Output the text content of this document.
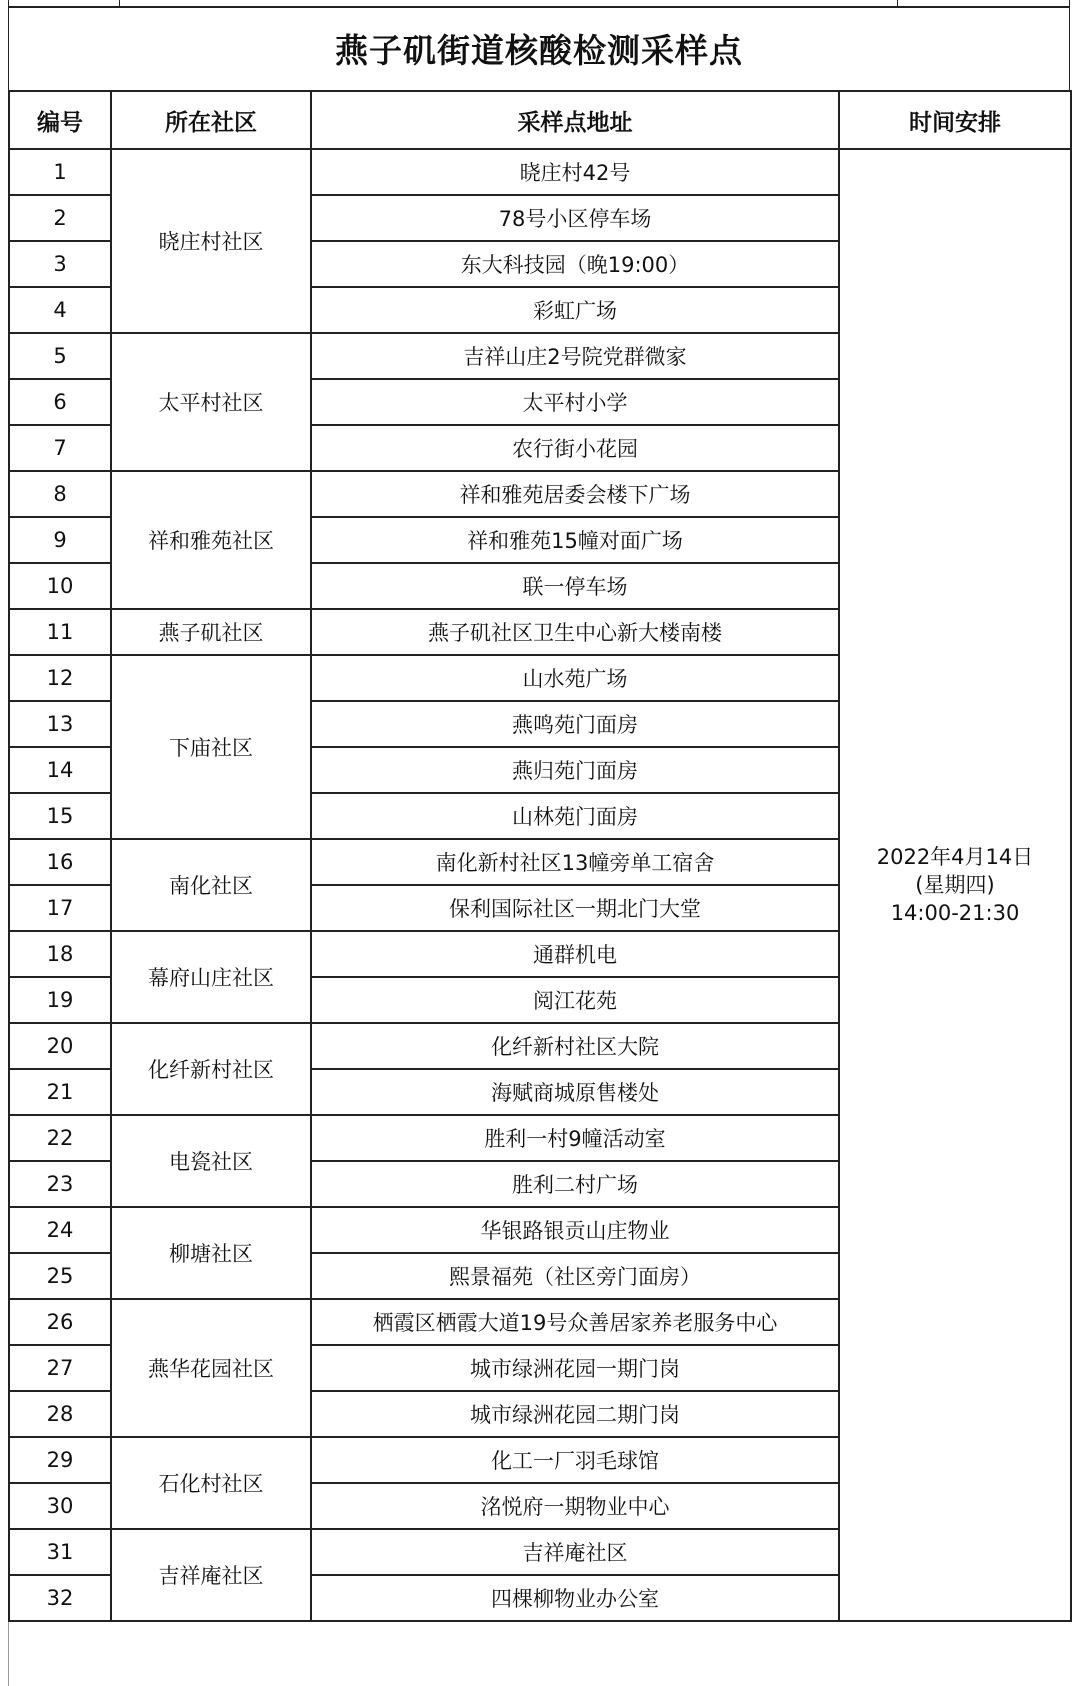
燕子矶街道核酸检测采样点
编号	所在社区	采样点地址	时间安排
1	晓庄村社区	晓庄村42号	2022年4月14日
(星期四)
14:00-21:30

2		78号小区停车场	
3		东大科技园（晚19:00）	
4		彩虹广场	
5	太平村社区	吉祥山庄2号院党群微家	
6		太平村小学	
7		农行街小花园	
8	祥和雅苑社区	祥和雅苑居委会楼下广场	
9		祥和雅苑15幢对面广场	
10		联一停车场	
11	燕子矶社区	燕子矶社区卫生中心新大楼南楼	
12	下庙社区	山水苑广场	
13		燕鸣苑门面房	
14		燕归苑门面房	
15		山林苑门面房	
16	南化社区	南化新村社区13幢旁单工宿舍	
17		保利国际社区一期北门大堂	
18	幕府山庄社区	通群机电	
19		阅江花苑	
20	化纤新村社区	化纤新村社区大院	
21		海赋商城原售楼处	
22	电瓷社区	胜利一村9幢活动室	
23		胜利二村广场	
24	柳塘社区	华银路银贡山庄物业	
25		熙景福苑（社区旁门面房）	
26	燕华花园社区	栖霞区栖霞大道19号众善居家养老服务中心	
27		城市绿洲花园一期门岗	
28		城市绿洲花园二期门岗	
29	石化村社区	化工一厂羽毛球馆	
30		洺悦府一期物业中心	
31	吉祥庵社区	吉祥庵社区	
32		四棵柳物业办公室	
